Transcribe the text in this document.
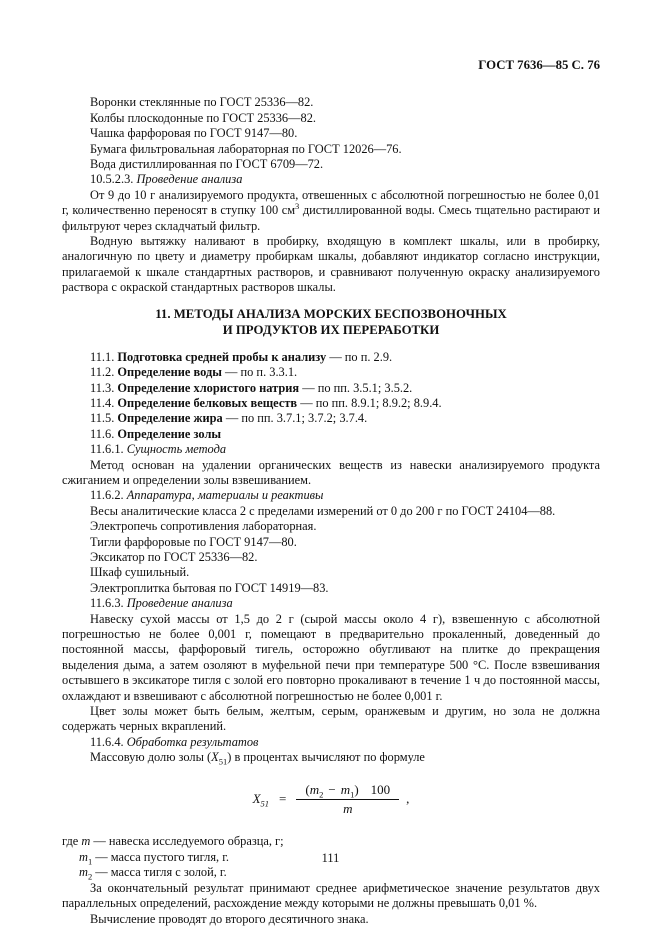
ГОСТ 7636—85 С. 76

Воронки стеклянные по ГОСТ 25336—82.

Колбы плоскодонные по ГОСТ 25336—82.

Чашка фарфоровая по ГОСТ 9147—80.

Бумага фильтровальная лабораторная по ГОСТ 12026—76.

Вода дистиллированная по ГОСТ 6709—72.

10.5.2.3. Проведение анализа

От 9 до 10 г анализируемого продукта, отвешенных с абсолютной погрешностью не более 0,01 г, количественно переносят в ступку 100 $см^3$ дистиллированной воды. Смесь тщательно растирают и фильтруют через складчатый фильтр.

Водную вытяжку наливают в пробирку, входящую в комплект шкалы, или в пробирку, аналогичную по цвету и диаметру пробиркам шкалы, добавляют индикатор согласно инструкции, прилагаемой к шкале стандартных растворов, и сравнивают полученную окраску анализируемого раствора с окраской стандартных растворов шкалы.

11. МЕТОДЫ АНАЛИЗА МОРСКИХ БЕСПОЗВОНОЧНЫХ
И ПРОДУКТОВ ИХ ПЕРЕРАБОТКИ

11.1. Подготовка средней пробы к анализу — по п. 2.9.

11.2. Определение воды — по п. 3.3.1.

11.3. Определение хлористого натрия — по пп. 3.5.1; 3.5.2.

11.4. Определение белковых веществ — по пп. 8.9.1; 8.9.2; 8.9.4.

11.5. Определение жира — по пп. 3.7.1; 3.7.2; 3.7.4.

11.6. Определение золы

11.6.1. Сущность метода

Метод основан на удалении органических веществ из навески анализируемого продукта сжиганием и определении золы взвешиванием.

11.6.2. Аппаратура, материалы и реактивы

Весы аналитические класса 2 с пределами измерений от 0 до 200 г по ГОСТ 24104—88.

Электропечь сопротивления лабораторная.

Тигли фарфоровые по ГОСТ 9147—80.

Эксикатор по ГОСТ 25336—82.

Шкаф сушильный.

Электроплитка бытовая по ГОСТ 14919—83.

11.6.3. Проведение анализа

Навеску сухой массы от 1,5 до 2 г (сырой массы около 4 г), взвешенную с абсолютной погрешностью не более 0,001 г, помещают в предварительно прокаленный, доведенный до постоянной массы, фарфоровый тигель, осторожно обугливают на плитке до прекращения выделения дыма, а затем озоляют в муфельной печи при температуре 500 °С. После взвешивания остывшего в эксикаторе тигля с золой его повторно прокаливают в течение 1 ч до постоянной массы, охлаждают и взвешивают с абсолютной погрешностью не более 0,001 г.

Цвет золы может быть белым, желтым, серым, оранжевым и другим, но зола не должна содержать черных вкраплений.

11.6.4. Обработка результатов

Массовую долю золы $(X_{51})$ в процентах вычисляют по формуле

$X_{51} = \frac{(m_2 - m_1) 100}{m}$ ,

где m — навеска исследуемого образца, г;

$m_1$ — масса пустого тигля, г.

$m_2$ — масса тигля с золой, г.

За окончательный результат принимают среднее арифметическое значение результатов двух параллельных определений, расхождение между которыми не должны превышать 0,01 %.

Вычисление проводят до второго десятичного знака.

111
